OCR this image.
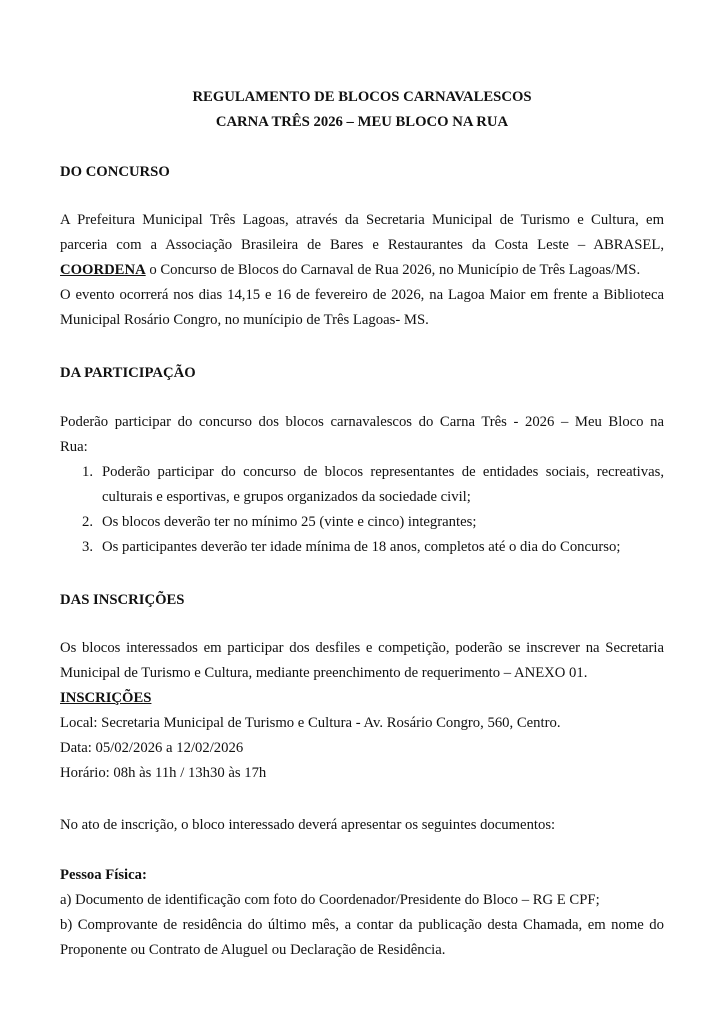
REGULAMENTO DE BLOCOS CARNAVALESCOS
CARNA TRÊS 2026 – MEU BLOCO NA RUA
DO CONCURSO
A Prefeitura Municipal Três Lagoas, através da Secretaria Municipal de Turismo e Cultura, em
parceria com a Associação Brasileira de Bares e Restaurantes da Costa Leste – ABRASEL,
COORDENA o Concurso de Blocos do Carnaval de Rua 2026, no Município de Três Lagoas/MS.
O evento ocorrerá nos dias 14,15 e 16 de fevereiro de 2026, na Lagoa Maior em frente a Biblioteca
Municipal Rosário Congro, no munícipio de Três Lagoas- MS.
DA PARTICIPAÇÃO
Poderão participar do concurso dos blocos carnavalescos do Carna Três - 2026 – Meu Bloco na
Rua:
1. Poderão participar do concurso de blocos representantes de entidades sociais, recreativas,
culturais e esportivas, e grupos organizados da sociedade civil;
2. Os blocos deverão ter no mínimo 25 (vinte e cinco) integrantes;
3. Os participantes deverão ter idade mínima de 18 anos, completos até o dia do Concurso;
DAS INSCRIÇÕES
Os blocos interessados em participar dos desfiles e competição, poderão se inscrever na Secretaria
Municipal de Turismo e Cultura, mediante preenchimento de requerimento – ANEXO 01.
INSCRIÇÕES
Local: Secretaria Municipal de Turismo e Cultura - Av. Rosário Congro, 560, Centro.
Data: 05/02/2026 a 12/02/2026
Horário: 08h às 11h / 13h30 às 17h
No ato de inscrição, o bloco interessado deverá apresentar os seguintes documentos:
Pessoa Física:
a) Documento de identificação com foto do Coordenador/Presidente do Bloco – RG E CPF;
b) Comprovante de residência do último mês, a contar da publicação desta Chamada, em nome do
Proponente ou Contrato de Aluguel ou Declaração de Residência.
